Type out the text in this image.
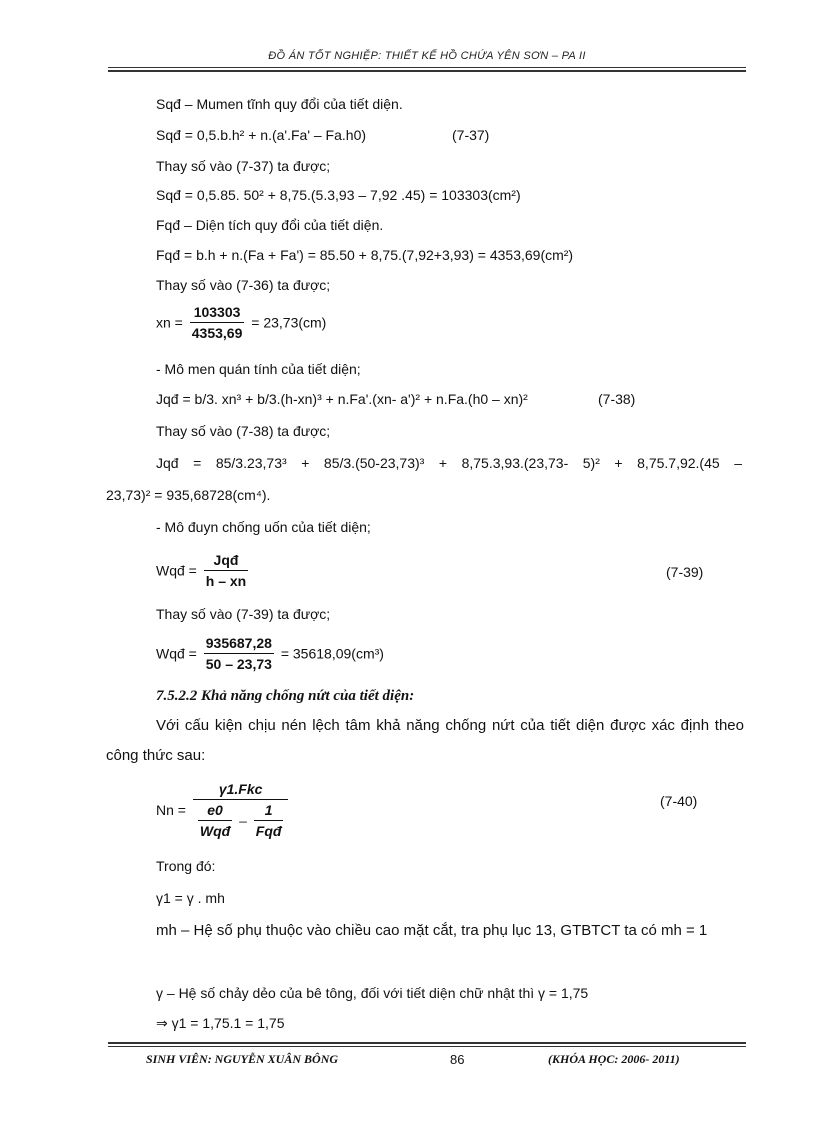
ĐỒ ÁN TỐT NGHIỆP: THIẾT KẾ HỒ CHỨA YÊN SƠN – PA II
Sqđ – Mumen tĩnh quy đổi của tiết diện.
Sqđ = 0,5.b.h² + n.(a'.Fa' – Fa.h0)	(7-37)
Thay số vào (7-37) ta được;
Sqđ = 0,5.85. 50² + 8,75.(5.3,93 – 7,92 .45) = 103303(cm²)
Fqđ – Diện tích quy đổi của tiết diện.
Fqđ = b.h + n.(Fa + Fa') = 85.50 + 8,75.(7,92+3,93) = 4353,69(cm²)
Thay số vào (7-36) ta được;
xn = $\frac{103303}{4353,69} = 23,73(cm)$
- Mô men quán tính của tiết diện;
Jqđ = b/3. xn³ + b/3.(h-xn)³ + n.Fa'.(xn- a')² + n.Fa.(h0 – xn)²	(7-38)
Thay số vào (7-38) ta được;
Jqđ = 85/3.23,73³ + 85/3.(50-23,73)³ + 8,75.3,93.(23,73- 5)² + 8,75.7,92.(45 –
23,73)² = 935,68728(cm⁴).
- Mô đuyn chống uốn của tiết diện;
Wqđ = $\frac{\text{Jqđ}}{h - xn}$	(7-39)
Thay số vào (7-39) ta được;
Wqđ = $\frac{935687,28}{50 - 23,73} = 35618,09(cm^3)$
7.5.2.2 Khả năng chống nứt của tiết diện:
Với cấu kiện chịu nén lệch tâm khả năng chống nứt của tiết diện được xác định theo công thức sau:
$Nn = \frac{\text{γ1.Fkc}}{\frac{e0}{\text{Wqđ}} - \frac{1}{\text{Fqđ}}}$	(7-40)
Trong đó:
γ1 = γ . mh
mh – Hệ số phụ thuộc vào chiều cao mặt cắt, tra phụ lục 13, GTBTCT ta có mh = 1
γ – Hệ số chảy dẻo của bê tông, đối với tiết diện chữ nhật thì γ = 1,75
⇒ γ1 = 1,75.1 = 1,75
SINH VIÊN: NGUYỄN XUÂN BÔNG	86	(KHÓA HỌC: 2006- 2011)
